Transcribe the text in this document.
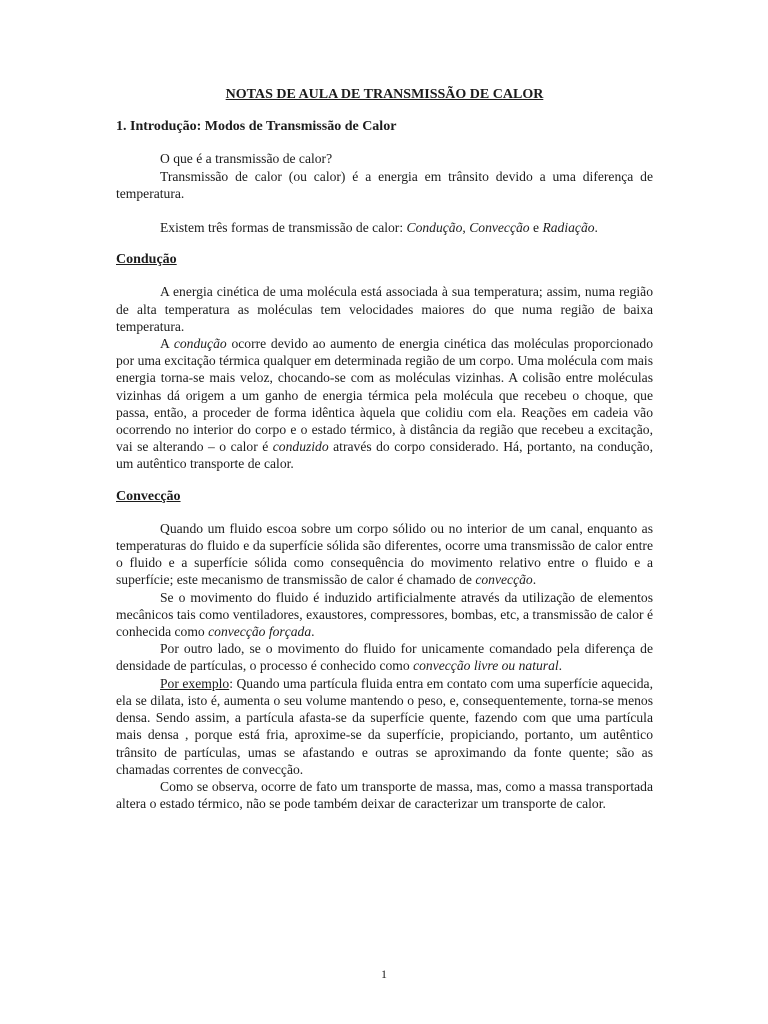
NOTAS DE AULA DE TRANSMISSÃO DE CALOR
1. Introdução: Modos de Transmissão de Calor

O que é a transmissão de calor?

Transmissão de calor (ou calor) é a energia em trânsito devido a uma diferença de temperatura.

Existem três formas de transmissão de calor: Condução, Convecção e Radiação.

Condução

A energia cinética de uma molécula está associada à sua temperatura; assim, numa região de alta temperatura as moléculas tem velocidades maiores do que numa região de baixa temperatura.

A condução ocorre devido ao aumento de energia cinética das moléculas proporcionado por uma excitação térmica qualquer em determinada região de um corpo. Uma molécula com mais energia torna-se mais veloz, chocando-se com as moléculas vizinhas. A colisão entre moléculas vizinhas dá origem a um ganho de energia térmica pela molécula que recebeu o choque, que passa, então, a proceder de forma idêntica àquela que colidiu com ela. Reações em cadeia vão ocorrendo no interior do corpo e o estado térmico, à distância da região que recebeu a excitação, vai se alterando – o calor é conduzido através do corpo considerado. Há, portanto, na condução, um autêntico transporte de calor.

Convecção

Quando um fluido escoa sobre um corpo sólido ou no interior de um canal, enquanto as temperaturas do fluido e da superfície sólida são diferentes, ocorre uma transmissão de calor entre o fluido e a superfície sólida como consequência do movimento relativo entre o fluido e a superfície; este mecanismo de transmissão de calor é chamado de convecção.

Se o movimento do fluido é induzido artificialmente através da utilização de elementos mecânicos tais como ventiladores, exaustores, compressores, bombas, etc, a transmissão de calor é conhecida como convecção forçada.

Por outro lado, se o movimento do fluido for unicamente comandado pela diferença de densidade de partículas, o processo é conhecido como convecção livre ou natural.

Por exemplo: Quando uma partícula fluida entra em contato com uma superfície aquecida, ela se dilata, isto é, aumenta o seu volume mantendo o peso, e, consequentemente, torna-se menos densa. Sendo assim, a partícula afasta-se da superfície quente, fazendo com que uma partícula mais densa , porque está fria, aproxime-se da superfície, propiciando, portanto, um autêntico trânsito de partículas, umas se afastando e outras se aproximando da fonte quente; são as chamadas correntes de convecção.

Como se observa, ocorre de fato um transporte de massa, mas, como a massa transportada altera o estado térmico, não se pode também deixar de caracterizar um transporte de calor.

1
